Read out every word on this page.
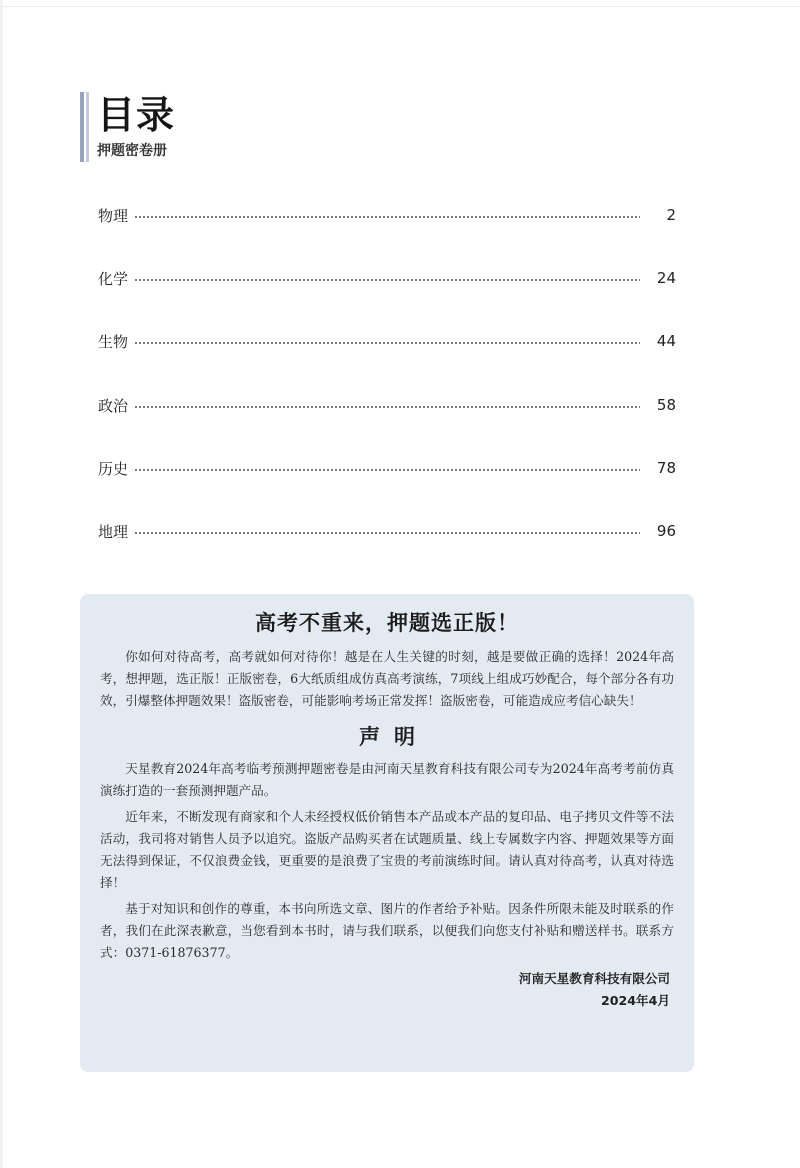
目录
押题密卷册
物理	2
化学	24
生物	44
政治	58
历史	78
地理	96
高考不重来，押题选正版！

你如何对待高考，高考就如何对待你！越是在人生关键的时刻，越是要做正确的选择！2024年高考，想押题，选正版！正版密卷，6大纸质组成仿真高考演练，7项线上组成巧妙配合，每个部分各有功效，引爆整体押题效果！盗版密卷，可能影响考场正常发挥！盗版密卷，可能造成应考信心缺失！

声明

天星教育2024年高考临考预测押题密卷是由河南天星教育科技有限公司专为2024年高考考前仿真演练打造的一套预测押题产品。

近年来，不断发现有商家和个人未经授权低价销售本产品或本产品的复印品、电子拷贝文件等不法活动，我司将对销售人员予以追究。盗版产品购买者在试题质量、线上专属数字内容、押题效果等方面无法得到保证，不仅浪费金钱，更重要的是浪费了宝贵的考前演练时间。请认真对待高考，认真对待选择！

基于对知识和创作的尊重，本书向所选文章、图片的作者给予补贴。因条件所限未能及时联系的作者，我们在此深表歉意，当您看到本书时，请与我们联系，以便我们向您支付补贴和赠送样书。联系方式：0371-61876377。

河南天星教育科技有限公司
2024年4月
